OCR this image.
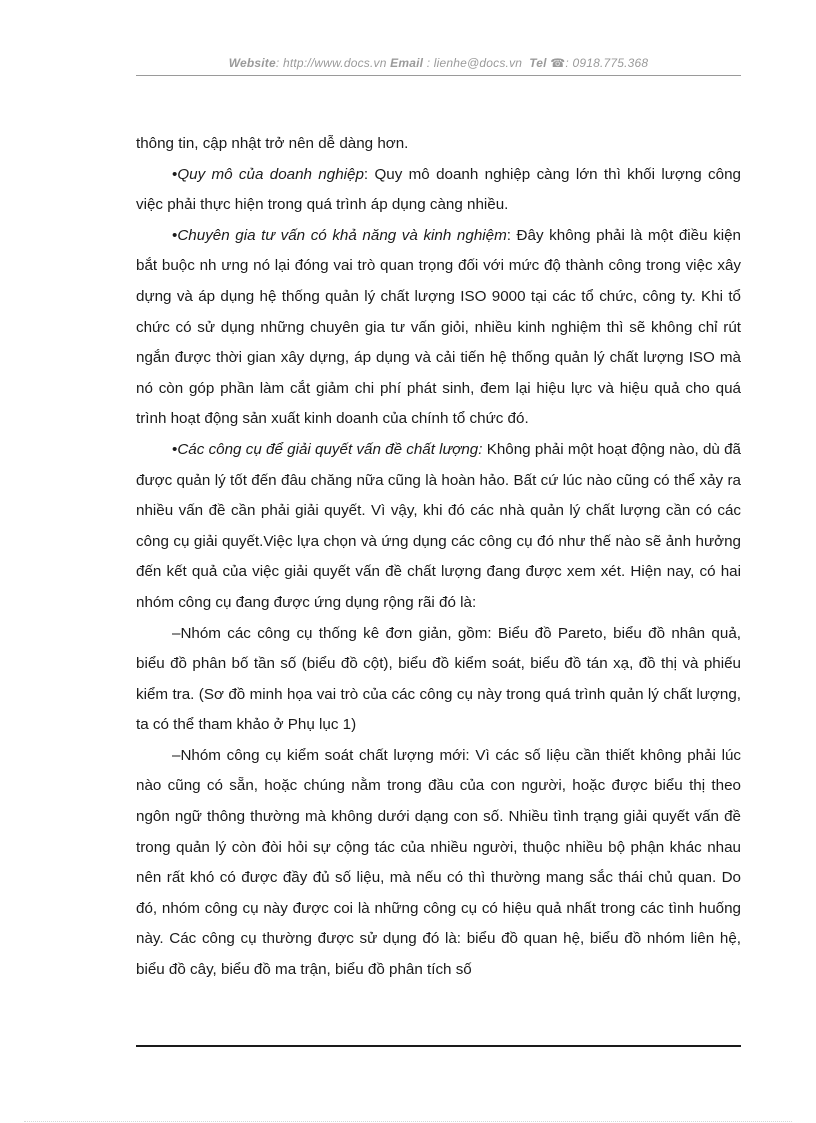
Website: http://www.docs.vn Email : lienhe@docs.vn Tel ☎: 0918.775.368

thông tin, cập nhật trở nên dễ dàng hơn.

•Quy mô của doanh nghiệp: Quy mô doanh nghiệp càng lớn thì khối lượng công việc phải thực hiện trong quá trình áp dụng càng nhiều.

•Chuyên gia tư vấn có khả năng và kinh nghiệm: Đây không phải là một điều kiện bắt buộc nh ưng nó lại đóng vai trò quan trọng đối với mức độ thành công trong việc xây dựng và áp dụng hệ thống quản lý chất lượng ISO 9000 tại các tổ chức, công ty. Khi tổ chức có sử dụng những chuyên gia tư vấn giỏi, nhiều kinh nghiệm thì sẽ không chỉ rút ngắn được thời gian xây dựng, áp dụng và cải tiến hệ thống quản lý chất lượng ISO mà nó còn góp phần làm cắt giảm chi phí phát sinh, đem lại hiệu lực và hiệu quả cho quá trình hoạt động sản xuất kinh doanh của chính tổ chức đó.

•Các công cụ để giải quyết vấn đề chất lượng: Không phải một hoạt động nào, dù đã được quản lý tốt đến đâu chăng nữa cũng là hoàn hảo. Bất cứ lúc nào cũng có thể xảy ra nhiều vấn đề cần phải giải quyết. Vì vậy, khi đó các nhà quản lý chất lượng cần có các công cụ giải quyết.Việc lựa chọn và ứng dụng các công cụ đó như thế nào sẽ ảnh hưởng đến kết quả của việc giải quyết vấn đề chất lượng đang được xem xét. Hiện nay, có hai nhóm công cụ đang được ứng dụng rộng rãi đó là:

–Nhóm các công cụ thống kê đơn giản, gồm: Biểu đồ Pareto, biểu đồ nhân quả, biểu đồ phân bố tần số (biểu đồ cột), biểu đồ kiểm soát, biểu đồ tán xạ, đồ thị và phiếu kiểm tra. (Sơ đồ minh họa vai trò của các công cụ này trong quá trình quản lý chất lượng, ta có thể tham khảo ở Phụ lục 1)

–Nhóm công cụ kiểm soát chất lượng mới: Vì các số liệu cần thiết không phải lúc nào cũng có sẵn, hoặc chúng nằm trong đầu của con người, hoặc được biểu thị theo ngôn ngữ thông thường mà không dưới dạng con số. Nhiều tình trạng giải quyết vấn đề trong quản lý còn đòi hỏi sự cộng tác của nhiều người, thuộc nhiều bộ phận khác nhau nên rất khó có được đầy đủ số liệu, mà nếu có thì thường mang sắc thái chủ quan. Do đó, nhóm công cụ này được coi là những công cụ có hiệu quả nhất trong các tình huống này. Các công cụ thường được sử dụng đó là: biểu đồ quan hệ, biểu đồ nhóm liên hệ, biểu đồ cây, biểu đồ ma trận, biểu đồ phân tích số
